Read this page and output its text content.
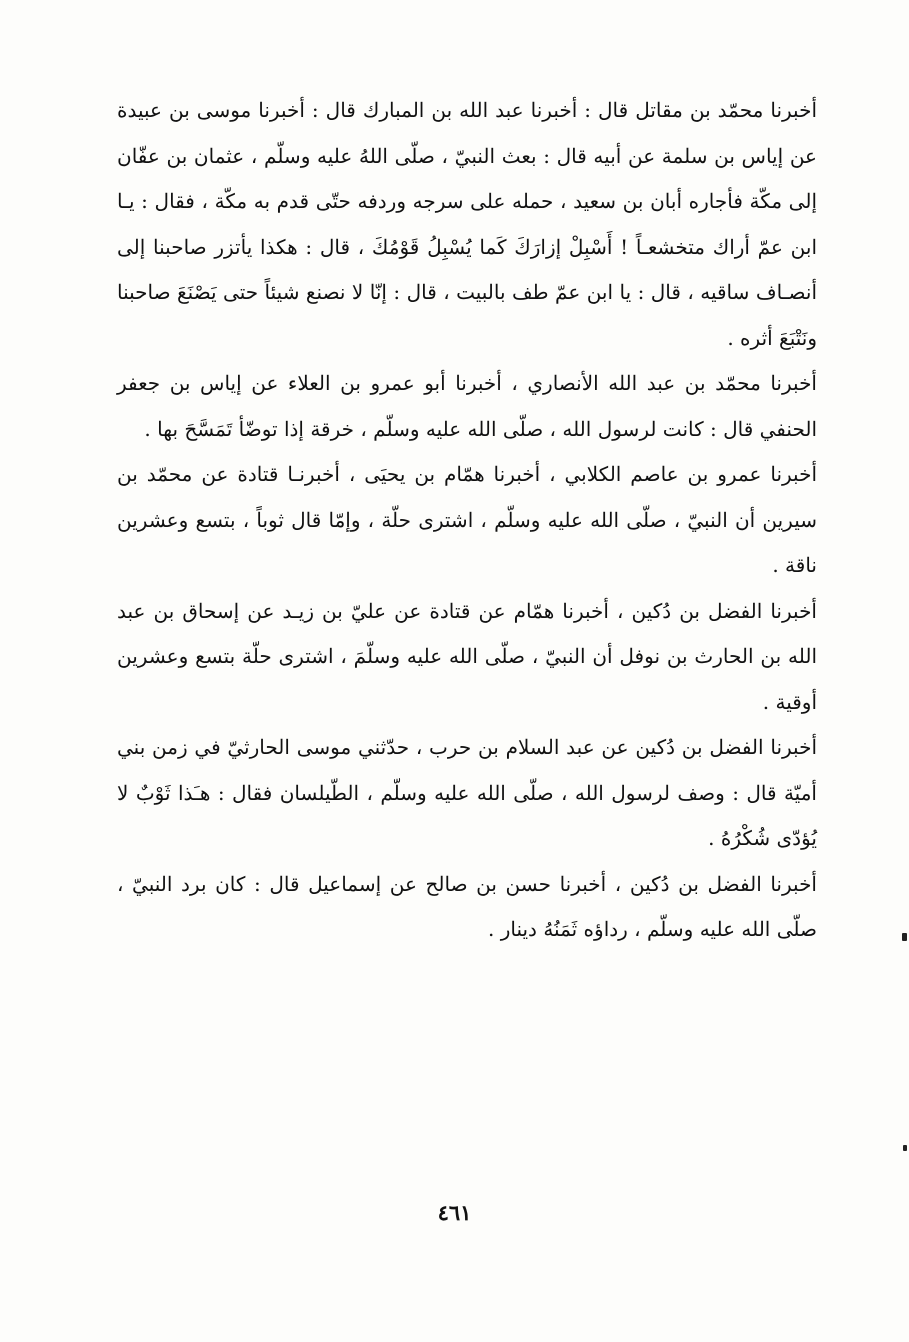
أخبرنا محمّد بن مقاتل قال : أخبرنا عبد الله بن المبارك قال : أخبرنا موسى بن عبيدة عن إياس بن سلمة عن أبيه قال : بعث النبيّ ، صلّى اللهُ عليه وسلّم ، عثمان بن عفّان إلى مكّة فأجاره أبان بن سعيد ، حمله على سرجه وردفه حتّى قدم به مكّة ، فقال : يـا ابن عمّ أراك متخشعـاً ! أَسْبِلْ إزارَكَ كَما يُسْبِلُ قَوْمُكَ ، قال : هكذا يأتزر صاحبنا إلى أنصـاف ساقيه ، قال : يا ابن عمّ طف بالبيت ، قال : إنّا لا نصنع شيئاً حتى يَصْنَعَ صاحبنا ونَتْبَعَ أثره .

أخبرنا محمّد بن عبد الله الأنصاري ، أخبرنا أبو عمرو بن العلاء عن إياس بن جعفر الحنفي قال : كانت لرسول الله ، صلّى الله عليه وسلّم ، خرقة إذا توضّأ تَمَسَّحَ بها .

أخبرنا عمرو بن عاصم الكلابي ، أخبرنا همّام بن يحيَى ، أخبرنـا قتادة عن محمّد بن سيرين أن النبيّ ، صلّى الله عليه وسلّم ، اشترى حلّة ، وإمّا قال ثوباً ، بتسع وعشرين ناقة .

أخبرنا الفضل بن دُكين ، أخبرنا همّام عن قتادة عن عليّ بن زيـد عن إسحاق بن عبد الله بن الحارث بن نوفل أن النبيّ ، صلّى الله عليه وسلّمَ ، اشترى حلّة بتسع وعشرين أوقية .

أخبرنا الفضل بن دُكين عن عبد السلام بن حرب ، حدّثني موسى الحارثيّ في زمن بني أميّة قال : وصف لرسول الله ، صلّى الله عليه وسلّم ، الطّيلسان فقال : هـَذا ثَوْبٌ لا يُؤدّى شُكْرُهُ .

أخبرنا الفضل بن دُكين ، أخبرنا حسن بن صالح عن إسماعيل قال : كان برد النبيّ ، صلّى الله عليه وسلّم ، رداؤه ثَمَنُهُ دينار .

٤٦١
